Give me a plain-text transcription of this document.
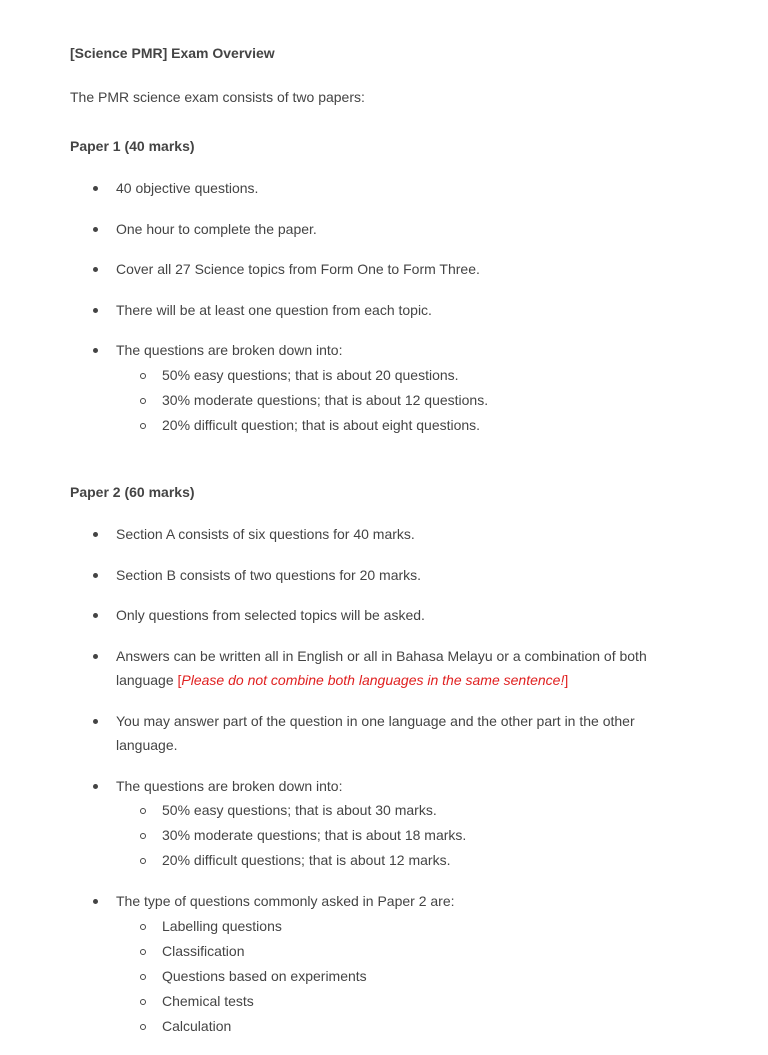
[Science PMR] Exam Overview
The PMR science exam consists of two papers:
Paper 1 (40 marks)
40 objective questions.
One hour to complete the paper.
Cover all 27 Science topics from Form One to Form Three.
There will be at least one question from each topic.
The questions are broken down into:
50% easy questions; that is about 20 questions.
30% moderate questions; that is about 12 questions.
20% difficult question; that is about eight questions.
Paper 2 (60 marks)
Section A consists of six questions for 40 marks.
Section B consists of two questions for 20 marks.
Only questions from selected topics will be asked.
Answers can be written all in English or all in Bahasa Melayu or a combination of both language [Please do not combine both languages in the same sentence!]
You may answer part of the question in one language and the other part in the other language.
The questions are broken down into:
50% easy questions; that is about 30 marks.
30% moderate questions; that is about 18 marks.
20% difficult questions; that is about 12 marks.
The type of questions commonly asked in Paper 2 are:
Labelling questions
Classification
Questions based on experiments
Chemical tests
Calculation
